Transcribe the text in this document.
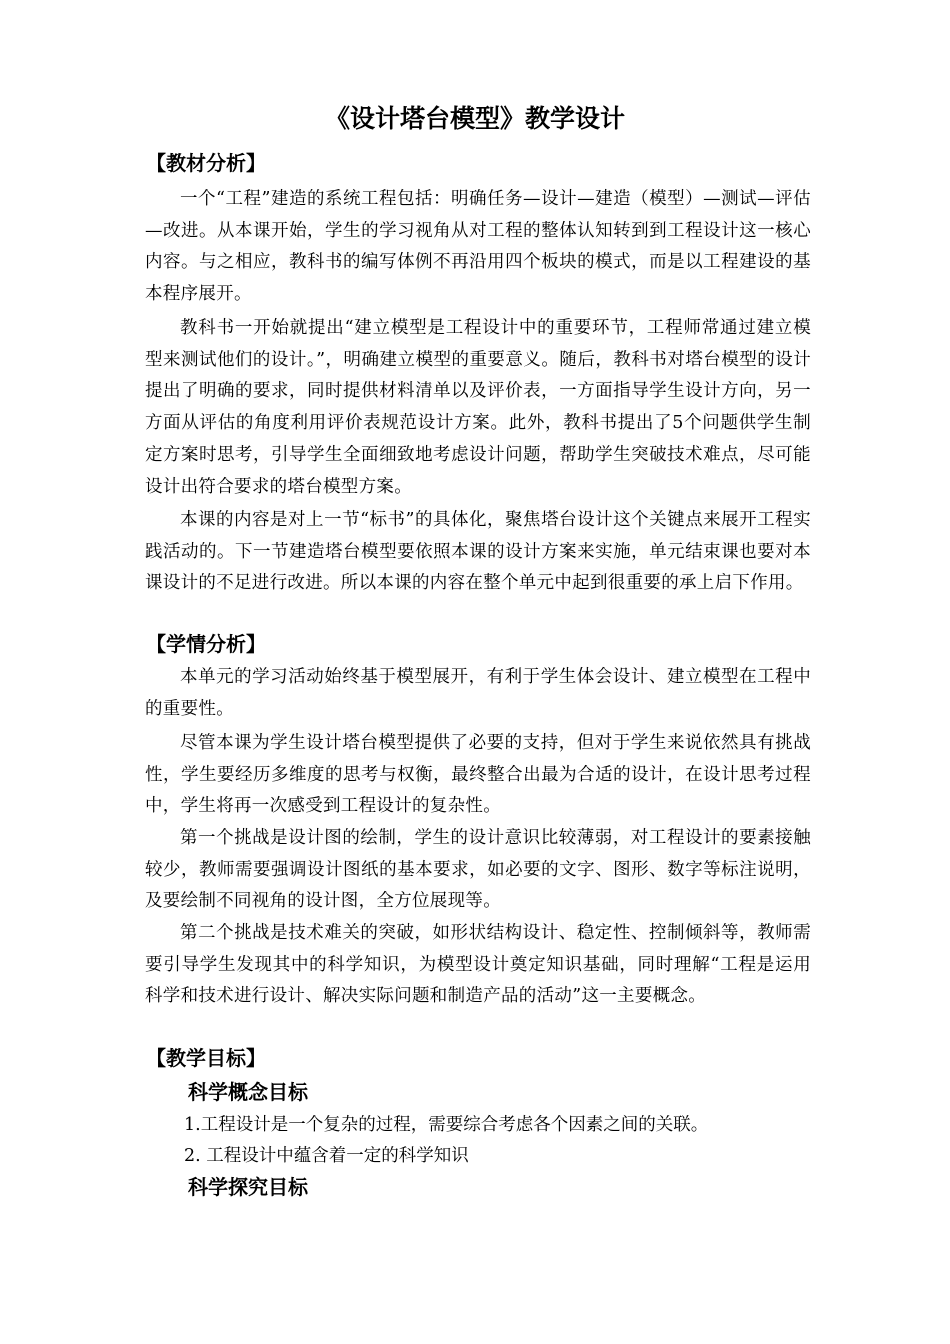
《设计塔台模型》教学设计
【教材分析】
一个“工程”建造的系统工程包括：明确任务—设计—建造（模型）—测试—评估—改进。从本课开始，学生的学习视角从对工程的整体认知转到到工程设计这一核心内容。与之相应，教科书的编写体例不再沿用四个板块的模式，而是以工程建设的基本程序展开。
教科书一开始就提出“建立模型是工程设计中的重要环节，工程师常通过建立模型来测试他们的设计。”，明确建立模型的重要意义。随后，教科书对塔台模型的设计提出了明确的要求，同时提供材料清单以及评价表，一方面指导学生设计方向，另一方面从评估的角度利用评价表规范设计方案。此外，教科书提出了5个问题供学生制定方案时思考，引导学生全面细致地考虑设计问题，帮助学生突破技术难点，尽可能设计出符合要求的塔台模型方案。
本课的内容是对上一节“标书”的具体化，聚焦塔台设计这个关键点来展开工程实践活动的。下一节建造塔台模型要依照本课的设计方案来实施，单元结束课也要对本课设计的不足进行改进。所以本课的内容在整个单元中起到很重要的承上启下作用。
【学情分析】
本单元的学习活动始终基于模型展开，有利于学生体会设计、建立模型在工程中的重要性。
尽管本课为学生设计塔台模型提供了必要的支持，但对于学生来说依然具有挑战性，学生要经历多维度的思考与权衡，最终整合出最为合适的设计，在设计思考过程中，学生将再一次感受到工程设计的复杂性。
第一个挑战是设计图的绘制，学生的设计意识比较薄弱，对工程设计的要素接触较少，教师需要强调设计图纸的基本要求，如必要的文字、图形、数字等标注说明，及要绘制不同视角的设计图，全方位展现等。
第二个挑战是技术难关的突破，如形状结构设计、稳定性、控制倾斜等，教师需要引导学生发现其中的科学知识，为模型设计奠定知识基础，同时理解“工程是运用科学和技术进行设计、解决实际问题和制造产品的活动”这一主要概念。
【教学目标】
科学概念目标
1.工程设计是一个复杂的过程，需要综合考虑各个因素之间的关联。
2. 工程设计中蕴含着一定的科学知识
科学探究目标
